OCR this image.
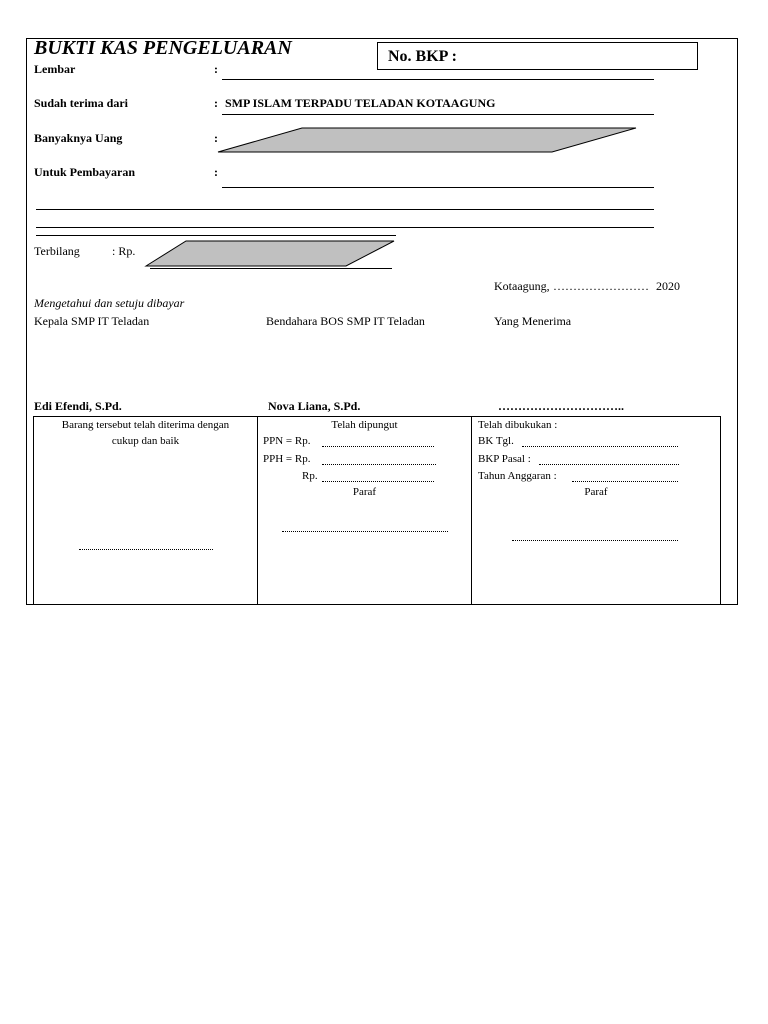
BUKTI KAS PENGELUARAN	No. BKP :
Lembar	:
Sudah terima dari	: SMP ISLAM TERPADU TELADAN KOTAAGUNG
Banyaknya Uang	:
Untuk Pembayaran	:
Terbilang	: Rp.
Kotaagung, …………………… 2020
Mengetahui dan setuju dibayar
Kepala SMP IT Teladan	Bendahara BOS SMP IT Teladan	Yang Menerima
Edi Efendi, S.Pd.	Nova Liana, S.Pd.	…………………………..
Barang tersebut telah diterima dengan
cukup dan baik
Telah dipungut
PPN = Rp.
PPH = Rp.
Rp.
Paraf
Telah dibukukan :
BK Tgl.
BKP Pasal :
Tahun Anggaran :
Paraf
